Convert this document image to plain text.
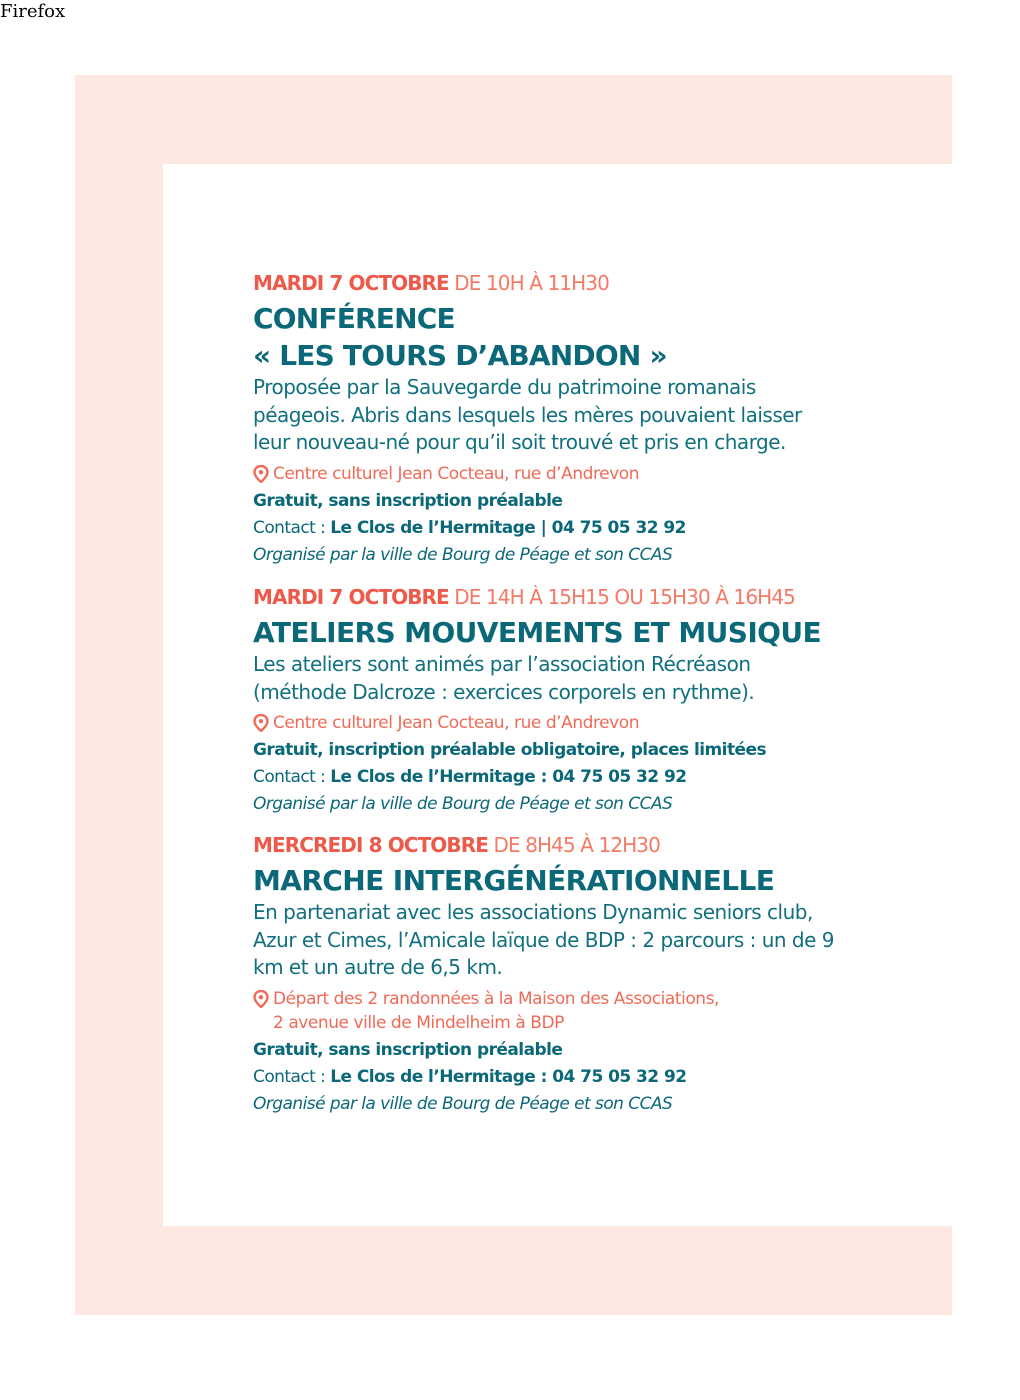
Firefox
MARDI 7 OCTOBRE DE 10H À 11H30
CONFÉRENCE
« LES TOURS D’ABANDON »
Proposée par la Sauvegarde du patrimoine romanais
péageois. Abris dans lesquels les mères pouvaient laisser
leur nouveau-né pour qu’il soit trouvé et pris en charge.
Centre culturel Jean Cocteau, rue d’Andrevon
Gratuit, sans inscription préalable
Contact : Le Clos de l’Hermitage | 04 75 05 32 92
Organisé par la ville de Bourg de Péage et son CCAS
MARDI 7 OCTOBRE DE 14H À 15H15 OU 15H30 À 16H45
ATELIERS MOUVEMENTS ET MUSIQUE
Les ateliers sont animés par l’association Récréason
(méthode Dalcroze : exercices corporels en rythme).
Centre culturel Jean Cocteau, rue d’Andrevon
Gratuit, inscription préalable obligatoire, places limitées
Contact : Le Clos de l’Hermitage : 04 75 05 32 92
Organisé par la ville de Bourg de Péage et son CCAS
MERCREDI 8 OCTOBRE DE 8H45 À 12H30
MARCHE INTERGÉNÉRATIONNELLE
En partenariat avec les associations Dynamic seniors club,
Azur et Cimes, l’Amicale laïque de BDP : 2 parcours : un de 9
km et un autre de 6,5 km.
Départ des 2 randonnées à la Maison des Associations,
2 avenue ville de Mindelheim à BDP
Gratuit, sans inscription préalable
Contact : Le Clos de l’Hermitage : 04 75 05 32 92
Organisé par la ville de Bourg de Péage et son CCAS
